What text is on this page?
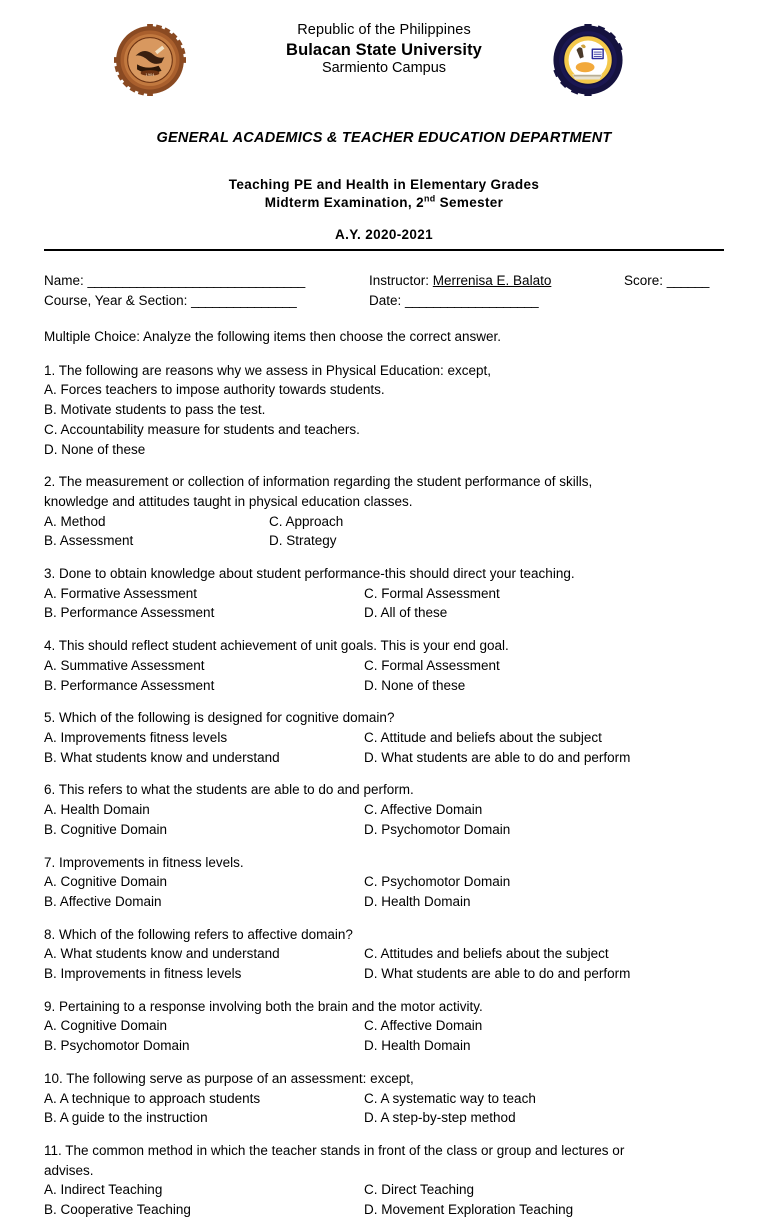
1904
Republic of the Philippines
Bulacan State University
Sarmiento Campus
GENERAL ACADEMICS & TEACHER EDUCATION DEPARTMENT
Teaching PE and Health in Elementary Grades
Midterm Examination, 2nd Semester
A.Y. 2020-2021
Name: _______________________________	Instructor: Merrenisa E. Balato	Score: ______
Course, Year & Section: _______________	Date: ___________________
Multiple Choice: Analyze the following items then choose the correct answer.
1. The following are reasons why we assess in Physical Education: except,
A. Forces teachers to impose authority towards students.
B. Motivate students to pass the test.
C. Accountability measure for students and teachers.
D. None of these
2. The measurement or collection of information regarding the student performance of skills,
knowledge and attitudes taught in physical education classes.
A. Method	C. Approach
B. Assessment	D. Strategy
3. Done to obtain knowledge about student performance-this should direct your teaching.
A. Formative Assessment	C. Formal Assessment
B. Performance Assessment	D. All of these
4. This should reflect student achievement of unit goals. This is your end goal.
A. Summative Assessment	C. Formal Assessment
B. Performance Assessment	D. None of these
5. Which of the following is designed for cognitive domain?
A. Improvements fitness levels	C. Attitude and beliefs about the subject
B. What students know and understand	D. What students are able to do and perform
6. This refers to what the students are able to do and perform.
A. Health Domain	C. Affective Domain
B. Cognitive Domain	D. Psychomotor Domain
7. Improvements in fitness levels.
A. Cognitive Domain	C. Psychomotor Domain
B. Affective Domain	D. Health Domain
8. Which of the following refers to affective domain?
A. What students know and understand	C. Attitudes and beliefs about the subject
B. Improvements in fitness levels	D. What students are able to do and perform
9. Pertaining to a response involving both the brain and the motor activity.
A. Cognitive Domain	C. Affective Domain
B. Psychomotor Domain	D. Health Domain
10. The following serve as purpose of an assessment: except,
A. A technique to approach students	C. A systematic way to teach
B. A guide to the instruction	D. A step-by-step method
11. The common method in which the teacher stands in front of the class or group and lectures or
advises.
A. Indirect Teaching	C. Direct Teaching
B. Cooperative Teaching	D. Movement Exploration Teaching
